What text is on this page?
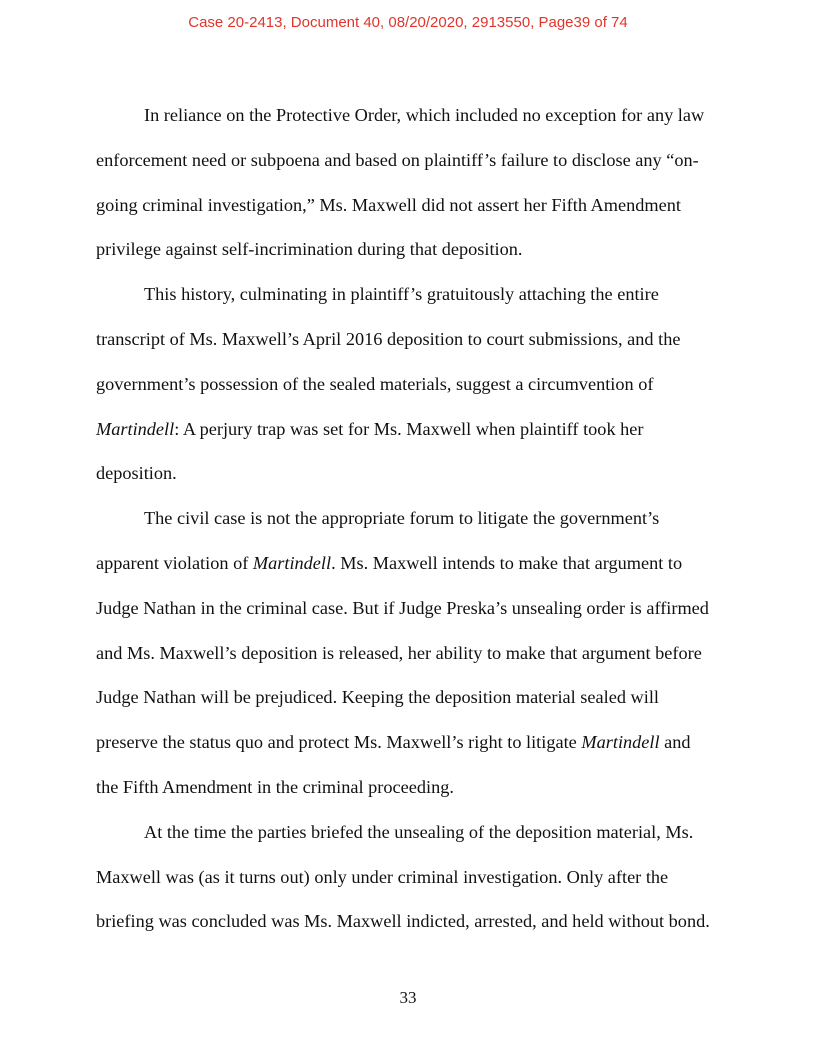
Case 20-2413, Document 40, 08/20/2020, 2913550, Page39 of 74
In reliance on the Protective Order, which included no exception for any law
enforcement need or subpoena and based on plaintiff’s failure to disclose any “on-
going criminal investigation,” Ms. Maxwell did not assert her Fifth Amendment
privilege against self-incrimination during that deposition.
This history, culminating in plaintiff’s gratuitously attaching the entire
transcript of Ms. Maxwell’s April 2016 deposition to court submissions, and the
government’s possession of the sealed materials, suggest a circumvention of
Martindell: A perjury trap was set for Ms. Maxwell when plaintiff took her
deposition.
The civil case is not the appropriate forum to litigate the government’s
apparent violation of Martindell. Ms. Maxwell intends to make that argument to
Judge Nathan in the criminal case. But if Judge Preska’s unsealing order is affirmed
and Ms. Maxwell’s deposition is released, her ability to make that argument before
Judge Nathan will be prejudiced. Keeping the deposition material sealed will
preserve the status quo and protect Ms. Maxwell’s right to litigate Martindell and
the Fifth Amendment in the criminal proceeding.
At the time the parties briefed the unsealing of the deposition material, Ms.
Maxwell was (as it turns out) only under criminal investigation. Only after the
briefing was concluded was Ms. Maxwell indicted, arrested, and held without bond.
33
